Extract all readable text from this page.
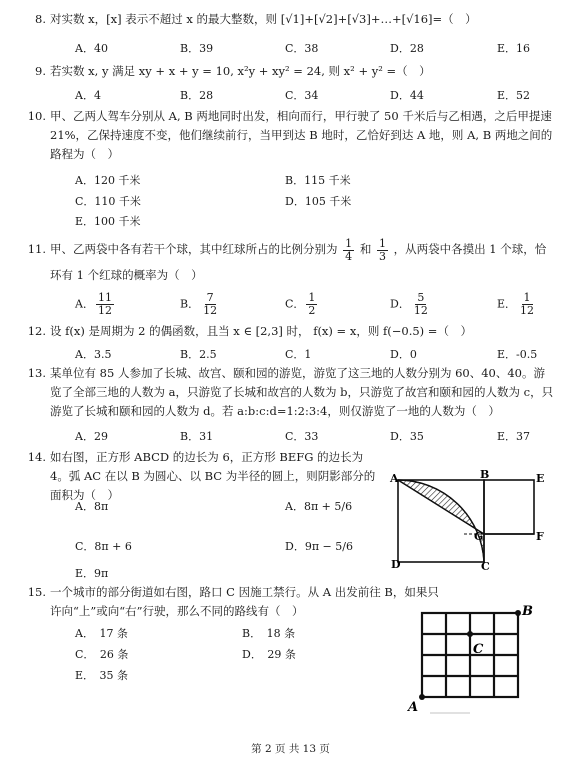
8. 对实数 x，[x] 表示不超过 x 的最大整数，则 [√1]+[√2]+[√3]+…+[√16]=（　）
A．40	B．39	C．38	D．28	E．16
9. 若实数 x, y 满足 xy + x + y = 10, x²y + xy² = 24, 则 x² + y² =（　）
A．4	B．28	C．34	D．44	E．52
10. 甲、乙两人驾车分别从 A, B 两地同时出发，相向而行，甲行驶了 50 千米后与乙相遇，之后甲提速 21%，乙保持速度不变，他们继续前行，当甲到达 B 地时，乙恰好到达 A 地，则 A, B 两地之间的路程为（　）
A．120 千米	B．115 千米
C．110 千米	D．105 千米
E．100 千米
11. 甲、乙两袋中各有若干个球，其中红球所占的比例分别为 $\frac{1}{4}$ 和 $\frac{1}{3}$ ，从两袋中各摸出 1 个球，恰环有 1 个红球的概率为（　）
A． $\frac{11}{12}$	B． $\frac{7}{12}$	C． $\frac{1}{2}$	D． $\frac{5}{12}$	E． $\frac{1}{12}$
12. 设 f(x) 是周期为 2 的偶函数，且当 x ∈ [2,3] 时， f(x) = x，则 f(−0.5) =（　）
A．3.5	B．2.5	C．1	D．0	E．-0.5
13. 某单位有 85 人参加了长城、故宫、颐和园的游览，游览了这三地的人数分别为 60、40、40。游览了全部三地的人数为 a，只游览了长城和故宫的人数为 b，只游览了故宫和颐和园的人数为 c，只游览了长城和颐和园的人数为 d。若 a:b:c:d=1:2:3:4，则仅游览了一地的人数为（　）
A．29	B．31	C．33	D．35	E．37
14. 如右图，正方形 ABCD 的边长为 6，正方形 BEFG 的边长为 4。弧 AC 在以 B 为圆心、以 BC 为半径的圆上，则阴影部分的面积为（　）
A．8π	A．8π + 5/6
C．8π + 6	D．9π − 5/6
E．9π
A	B	E
G	F
D	C
15. 一个城市的部分街道如右图，路口 C 因施工禁行。从 A 出发前往 B，如果只许向“上”或向“右”行驶，那么不同的路线有（　）
A．　17 条	B．　18 条
C．　26 条	D．　29 条
E．　35 条
B
C
A
第 2 页 共 13 页
